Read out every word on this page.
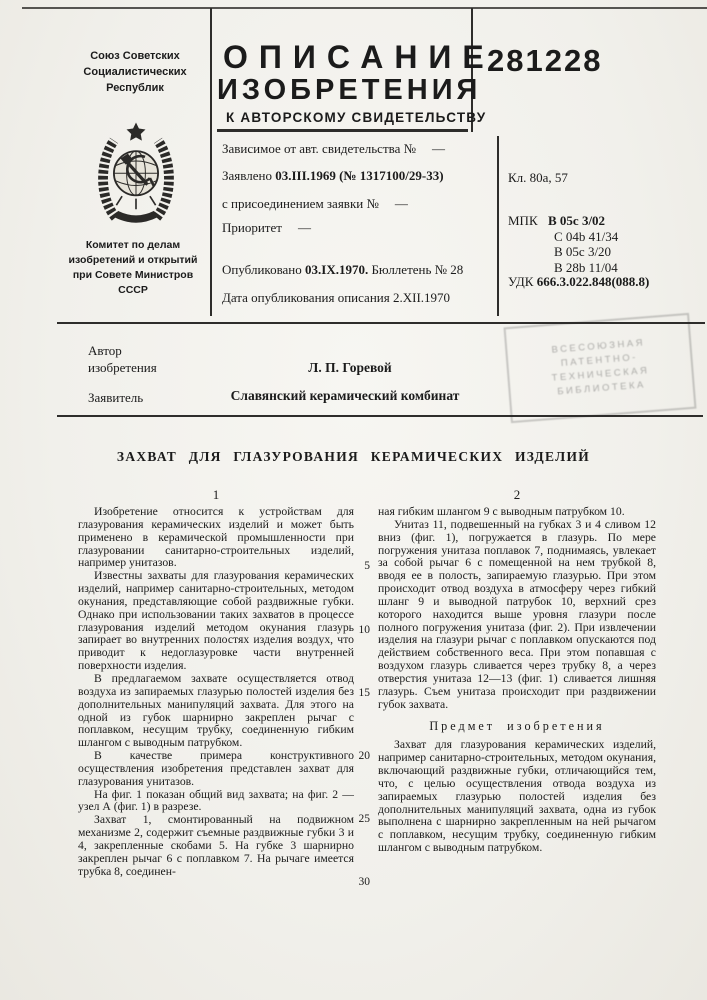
Союз Советских
Социалистических
Республик
Комитет по делам
изобретений и открытий
при Совете Министров
СССР
ОПИСАНИЕ
ИЗОБРЕТЕНИЯ
К АВТОРСКОМУ СВИДЕТЕЛЬСТВУ
281228
Зависимое от авт. свидетельства № —
Заявлено 03.III.1969 (№ 1317100/29-33)
с присоединением заявки № —
Приоритет —
Опубликовано 03.IX.1970. Бюллетень № 28
Дата опубликования описания 2.XII.1970
Кл. 80а, 57
МПК В 05с 3/02
С 04b 41/34
В 05с 3/20
В 28b 11/04
УДК 666.3.022.848(088.8)
Автор
изобретения	Л. П. Горевой
Заявитель	Славянский керамический комбинат
ВСЕСОЮЗНАЯ
ПАТЕНТНО-
ТЕХНИЧЕСКАЯ
БИБЛИОТЕКА
ЗАХВАТ ДЛЯ ГЛАЗУРОВАНИЯ КЕРАМИЧЕСКИХ ИЗДЕЛИЙ
1	2

Изобретение относится к устройствам для глазурования керамических изделий и может быть применено в керамической промышленности при глазуровании санитарно-строительных изделий, например унитазов.

Известны захваты для глазурования керамических изделий, например санитарно-строительных, методом окунания, представляющие собой раздвижные губки. Однако при использовании таких захватов в процессе глазурования изделий методом окунания глазурь запирает во внутренних полостях изделия воздух, что приводит к недоглазуровке части внутренней поверхности изделия.

В предлагаемом захвате осуществляется отвод воздуха из запираемых глазурью полостей изделия без дополнительных манипуляций захвата. Для этого на одной из губок шарнирно закреплен рычаг с поплавком, несущим трубку, соединенную гибким шлангом с выводным патрубком.

В качестве примера конструктивного осуществления изобретения представлен захват для глазурования унитазов.

На фиг. 1 показан общий вид захвата; на фиг. 2 — узел А (фиг. 1) в разрезе.

Захват 1, смонтированный на подвижном механизме 2, содержит съемные раздвижные губки 3 и 4, закрепленные скобами 5. На губке 3 шарнирно закреплен рычаг 6 с поплавком 7. На рычаге имеется трубка 8, соединен-

ная гибким шлангом 9 с выводным патрубком 10.

Унитаз 11, подвешенный на губках 3 и 4 сливом 12 вниз (фиг. 1), погружается в глазурь. По мере погружения унитаза поплавок 7, поднимаясь, увлекает за собой рычаг 6 с помещенной на нем трубкой 8, вводя ее в полость, запираемую глазурью. При этом происходит отвод воздуха в атмосферу через гибкий шланг 9 и выводной патрубок 10, верхний срез которого находится выше уровня глазури после полного погружения унитаза (фиг. 2). При извлечении изделия на глазури рычаг с поплавком опускаются под действием собственного веса. При этом попавшая с воздухом глазурь сливается через трубку 8, а через отверстия унитаза 12—13 (фиг. 1) сливается лишняя глазурь. Съем унитаза происходит при раздвижении губок захвата.

Предмет изобретения

Захват для глазурования керамических изделий, например санитарно-строительных, методом окунания, включающий раздвижные губки, отличающийся тем, что, с целью осуществления отвода воздуха из запираемых глазурью полостей изделия без дополнительных манипуляций захвата, одна из губок выполнена с шарнирно закрепленным на ней рычагом с поплавком, несущим трубку, соединенную гибким шлангом с выводным патрубком.

5
10
15
20
25
30
